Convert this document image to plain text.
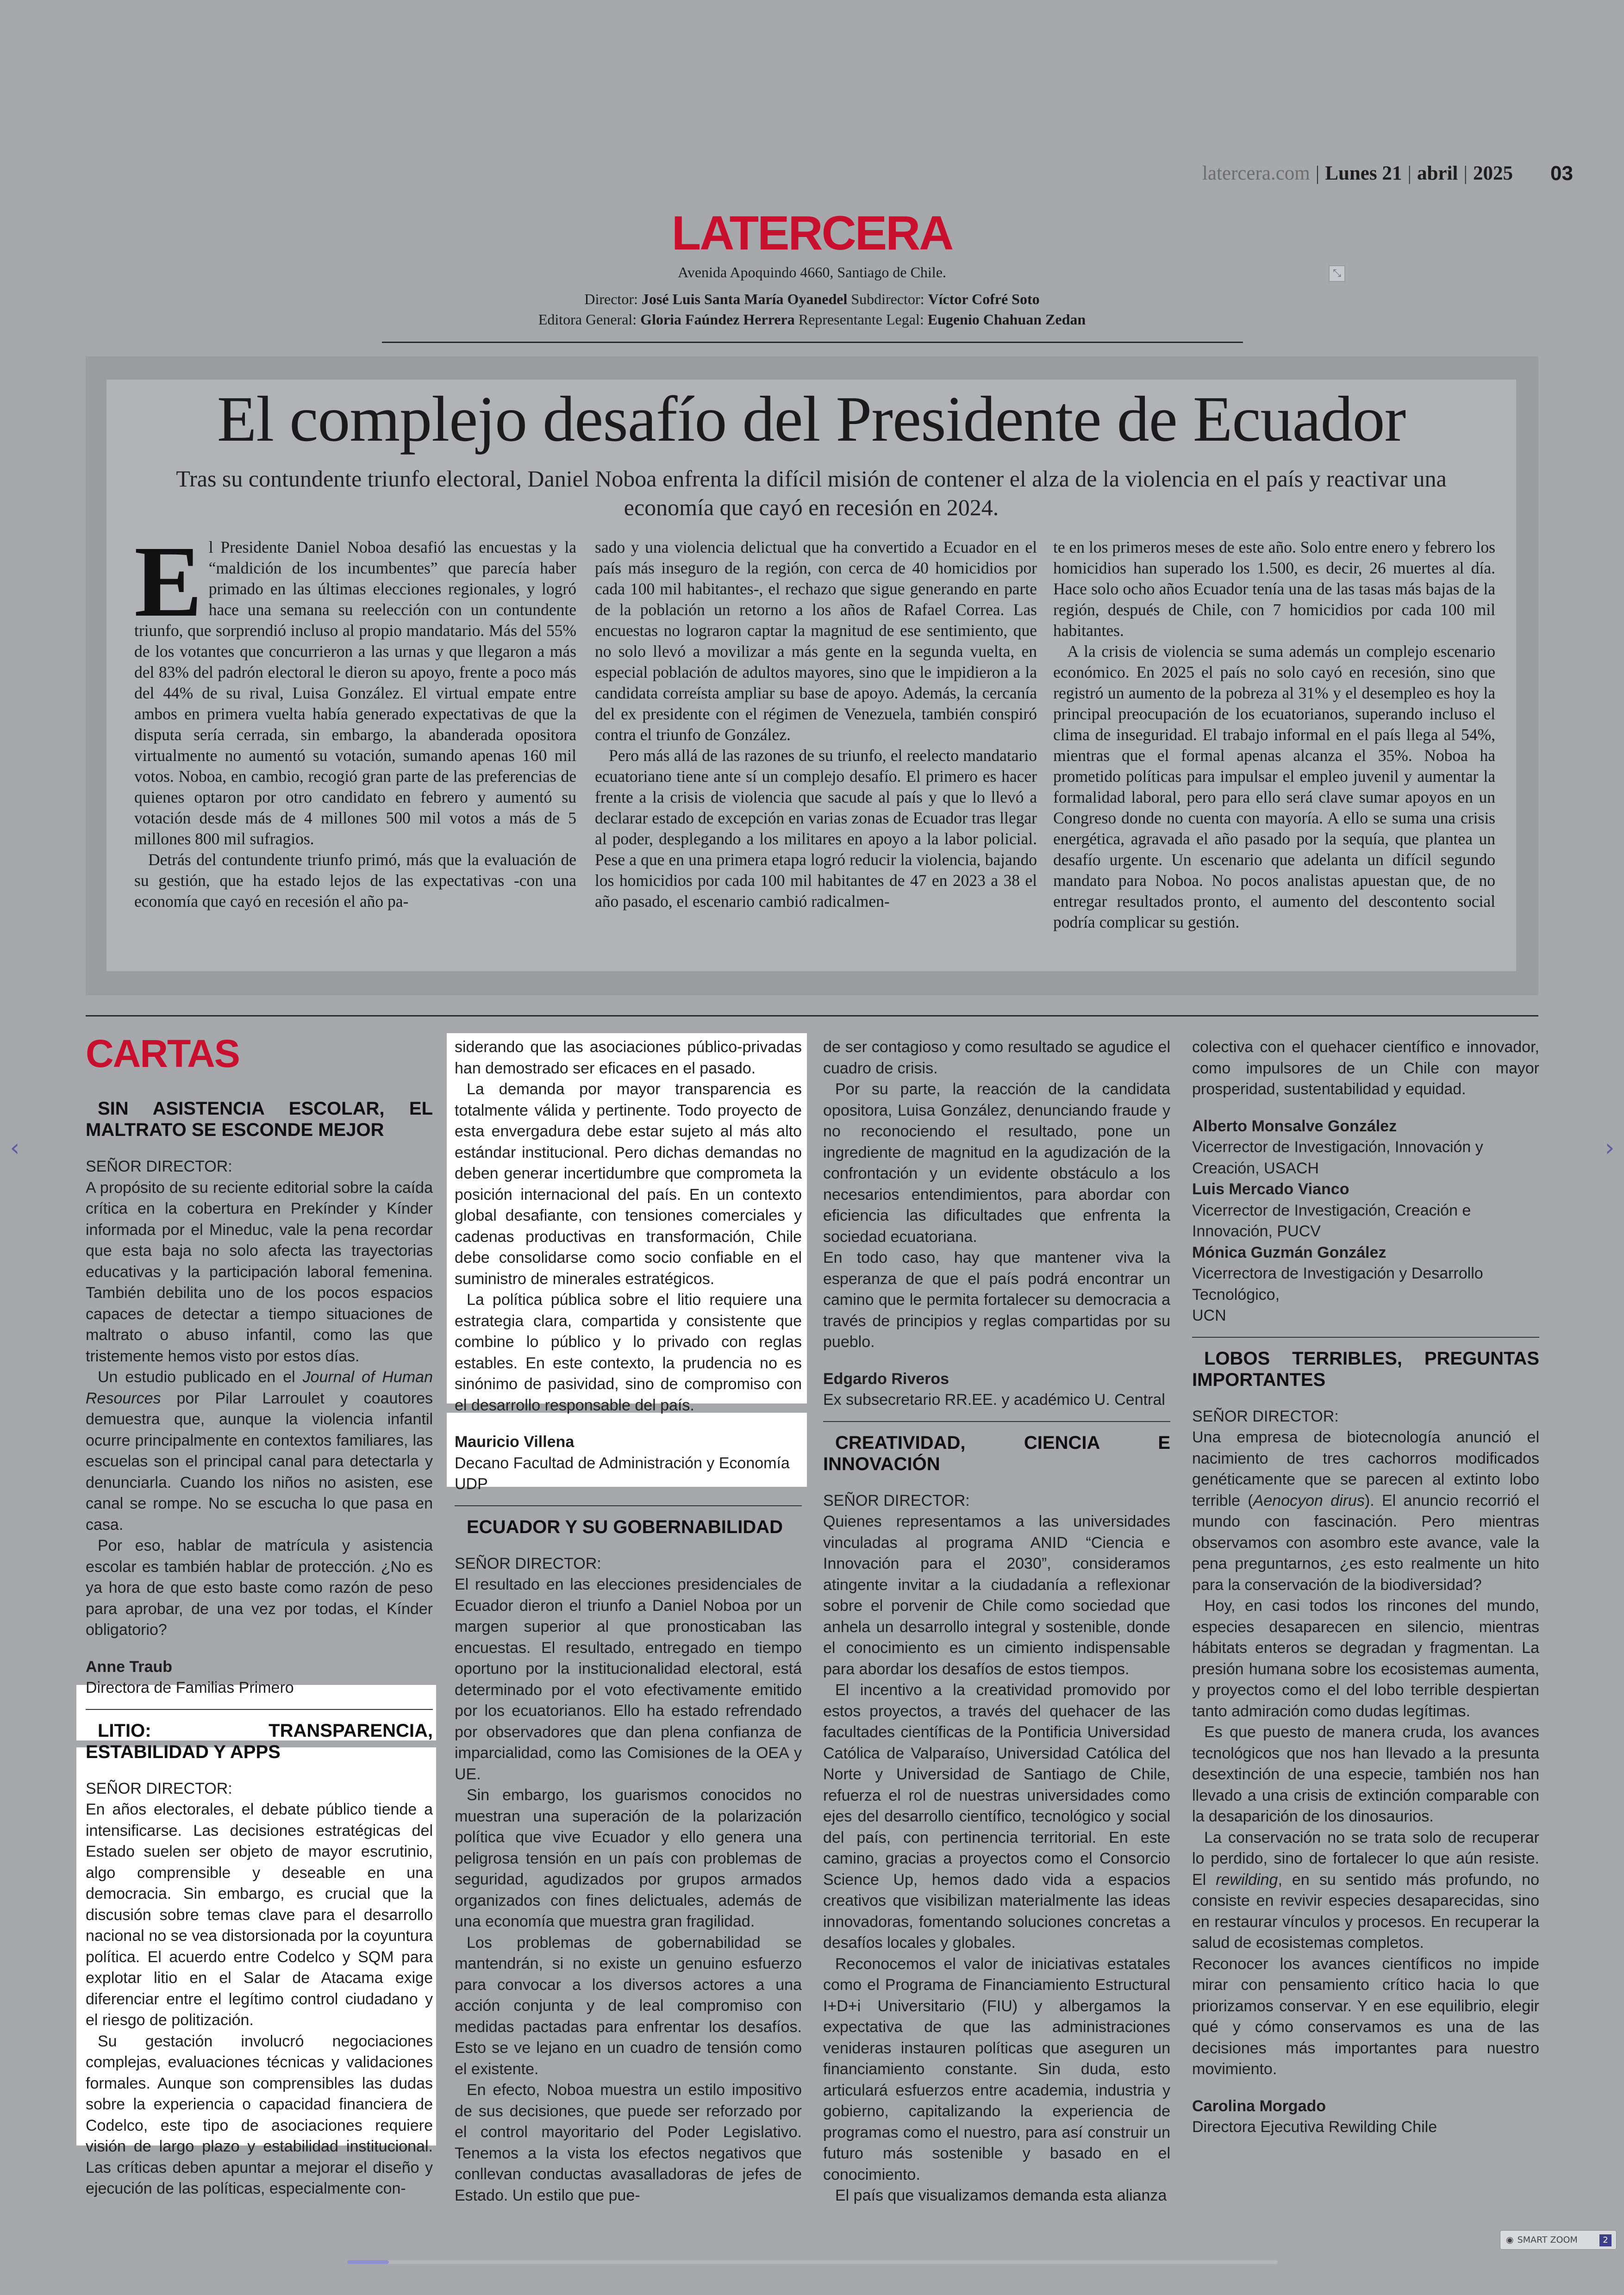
latercera.com | Lunes 21 | abril | 2025 03
LATERCERA
Avenida Apoquindo 4660, Santiago de Chile.
Director: José Luis Santa María Oyanedel Subdirector: Víctor Cofré Soto
Editora General: Gloria Faúndez Herrera Representante Legal: Eugenio Chahuan Zedan
⤡
El complejo desafío del Presidente de Ecuador
Tras su contundente triunfo electoral, Daniel Noboa enfrenta la difícil misión de contener el alza de la violencia en el país y reactivar una economía que cayó en recesión en 2024.
E l Presidente Daniel Noboa desafió las encuestas y la “maldición de los incumbentes” que parecía haber primado en las últimas elecciones regionales, y logró hace una semana su reelección con un contundente triunfo, que sorprendió incluso al propio mandatario. Más del 55% de los votantes que concurrieron a las urnas y que llegaron a más del 83% del padrón electoral le dieron su apoyo, frente a poco más del 44% de su rival, Luisa González. El virtual empate entre ambos en primera vuelta había generado expectativas de que la disputa sería cerrada, sin embargo, la abanderada opositora virtualmente no aumentó su votación, sumando apenas 160 mil votos. Noboa, en cambio, recogió gran parte de las preferencias de quienes optaron por otro candidato en febrero y aumentó su votación desde más de 4 millones 500 mil votos a más de 5 millones 800 mil sufragios.

Detrás del contundente triunfo primó, más que la evaluación de su gestión, que ha estado lejos de las expectativas -con una economía que cayó en recesión el año pa-

sado y una violencia delictual que ha convertido a Ecuador en el país más inseguro de la región, con cerca de 40 homicidios por cada 100 mil habitantes-, el rechazo que sigue generando en parte de la población un retorno a los años de Rafael Correa. Las encuestas no lograron captar la magnitud de ese sentimiento, que no solo llevó a movilizar a más gente en la segunda vuelta, en especial población de adultos mayores, sino que le impidieron a la candidata correísta ampliar su base de apoyo. Además, la cercanía del ex presidente con el régimen de Venezuela, también conspiró contra el triunfo de González.

Pero más allá de las razones de su triunfo, el reelecto mandatario ecuatoriano tiene ante sí un complejo desafío. El primero es hacer frente a la crisis de violencia que sacude al país y que lo llevó a declarar estado de excepción en varias zonas de Ecuador tras llegar al poder, desplegando a los militares en apoyo a la labor policial. Pese a que en una primera etapa logró reducir la violencia, bajando los homicidios por cada 100 mil habitantes de 47 en 2023 a 38 el año pasado, el escenario cambió radicalmen-

te en los primeros meses de este año. Solo entre enero y febrero los homicidios han superado los 1.500, es decir, 26 muertes al día. Hace solo ocho años Ecuador tenía una de las tasas más bajas de la región, después de Chile, con 7 homicidios por cada 100 mil habitantes.

A la crisis de violencia se suma además un complejo escenario económico. En 2025 el país no solo cayó en recesión, sino que registró un aumento de la pobreza al 31% y el desempleo es hoy la principal preocupación de los ecuatorianos, superando incluso el clima de inseguridad. El trabajo informal en el país llega al 54%, mientras que el formal apenas alcanza el 35%. Noboa ha prometido políticas para impulsar el empleo juvenil y aumentar la formalidad laboral, pero para ello será clave sumar apoyos en un Congreso donde no cuenta con mayoría. A ello se suma una crisis energética, agravada el año pasado por la sequía, que plantea un desafío urgente. Un escenario que adelanta un difícil segundo mandato para Noboa. No pocos analistas apuestan que, de no entregar resultados pronto, el aumento del descontento social podría complicar su gestión.

CARTAS

SIN ASISTENCIA ESCOLAR, EL MALTRATO SE ESCONDE MEJOR

SEÑOR DIRECTOR:

A propósito de su reciente editorial sobre la caída crítica en la cobertura en Prekínder y Kínder informada por el Mineduc, vale la pena recordar que esta baja no solo afecta las trayectorias educativas y la participación laboral femenina. También debilita uno de los pocos espacios capaces de detectar a tiempo situaciones de maltrato o abuso infantil, como las que tristemente hemos visto por estos días.

Un estudio publicado en el Journal of Human Resources por Pilar Larroulet y coautores demuestra que, aunque la violencia infantil ocurre principalmente en contextos familiares, las escuelas son el principal canal para detectarla y denunciarla. Cuando los niños no asisten, ese canal se rompe. No se escucha lo que pasa en casa.

Por eso, hablar de matrícula y asistencia escolar es también hablar de protección. ¿No es ya hora de que esto baste como razón de peso para aprobar, de una vez por todas, el Kínder obligatorio?

Anne Traub

Directora de Familias Primero

LITIO: TRANSPARENCIA, ESTABILIDAD Y APPS

SEÑOR DIRECTOR:

En años electorales, el debate público tiende a intensificarse. Las decisiones estratégicas del Estado suelen ser objeto de mayor escrutinio, algo comprensible y deseable en una democracia. Sin embargo, es crucial que la discusión sobre temas clave para el desarrollo nacional no se vea distorsionada por la coyuntura política. El acuerdo entre Codelco y SQM para explotar litio en el Salar de Atacama exige diferenciar entre el legítimo control ciudadano y el riesgo de politización.

Su gestación involucró negociaciones complejas, evaluaciones técnicas y validaciones formales. Aunque son comprensibles las dudas sobre la experiencia o capacidad financiera de Codelco, este tipo de asociaciones requiere visión de largo plazo y estabilidad institucional. Las críticas deben apuntar a mejorar el diseño y ejecución de las políticas, especialmente con-

siderando que las asociaciones público-privadas han demostrado ser eficaces en el pasado.

La demanda por mayor transparencia es totalmente válida y pertinente. Todo proyecto de esta envergadura debe estar sujeto al más alto estándar institucional. Pero dichas demandas no deben generar incertidumbre que comprometa la posición internacional del país. En un contexto global desafiante, con tensiones comerciales y cadenas productivas en transformación, Chile debe consolidarse como socio confiable en el suministro de minerales estratégicos.

La política pública sobre el litio requiere una estrategia clara, compartida y consistente que combine lo público y lo privado con reglas estables. En este contexto, la prudencia no es sinónimo de pasividad, sino de compromiso con el desarrollo responsable del país.

Mauricio Villena

Decano Facultad de Administración y Economía UDP

ECUADOR Y SU GOBERNABILIDAD

SEÑOR DIRECTOR:

El resultado en las elecciones presidenciales de Ecuador dieron el triunfo a Daniel Noboa por un margen superior al que pronosticaban las encuestas. El resultado, entregado en tiempo oportuno por la institucionalidad electoral, está determinado por el voto efectivamente emitido por los ecuatorianos. Ello ha estado refrendado por observadores que dan plena confianza de imparcialidad, como las Comisiones de la OEA y UE.

Sin embargo, los guarismos conocidos no muestran una superación de la polarización política que vive Ecuador y ello genera una peligrosa tensión en un país con problemas de seguridad, agudizados por grupos armados organizados con fines delictuales, además de una economía que muestra gran fragilidad.

Los problemas de gobernabilidad se mantendrán, si no existe un genuino esfuerzo para convocar a los diversos actores a una acción conjunta y de leal compromiso con medidas pactadas para enfrentar los desafíos. Esto se ve lejano en un cuadro de tensión como el existente.

En efecto, Noboa muestra un estilo impositivo de sus decisiones, que puede ser reforzado por el control mayoritario del Poder Legislativo. Tenemos a la vista los efectos negativos que conllevan conductas avasalladoras de jefes de Estado. Un estilo que pue-

de ser contagioso y como resultado se agudice el cuadro de crisis.

Por su parte, la reacción de la candidata opositora, Luisa González, denunciando fraude y no reconociendo el resultado, pone un ingrediente de magnitud en la agudización de la confrontación y un evidente obstáculo a los necesarios entendimientos, para abordar con eficiencia las dificultades que enfrenta la sociedad ecuatoriana.

En todo caso, hay que mantener viva la esperanza de que el país podrá encontrar un camino que le permita fortalecer su democracia a través de principios y reglas compartidas por su pueblo.

Edgardo Riveros

Ex subsecretario RR.EE. y académico U. Central

CREATIVIDAD, CIENCIA E INNOVACIÓN

SEÑOR DIRECTOR:

Quienes representamos a las universidades vinculadas al programa ANID “Ciencia e Innovación para el 2030”, consideramos atingente invitar a la ciudadanía a reflexionar sobre el porvenir de Chile como sociedad que anhela un desarrollo integral y sostenible, donde el conocimiento es un cimiento indispensable para abordar los desafíos de estos tiempos.

El incentivo a la creatividad promovido por estos proyectos, a través del quehacer de las facultades científicas de la Pontificia Universidad Católica de Valparaíso, Universidad Católica del Norte y Universidad de Santiago de Chile, refuerza el rol de nuestras universidades como ejes del desarrollo científico, tecnológico y social del país, con pertinencia territorial. En este camino, gracias a proyectos como el Consorcio Science Up, hemos dado vida a espacios creativos que visibilizan materialmente las ideas innovadoras, fomentando soluciones concretas a desafíos locales y globales.

Reconocemos el valor de iniciativas estatales como el Programa de Financiamiento Estructural I+D+i Universitario (FIU) y albergamos la expectativa de que las administraciones venideras instauren políticas que aseguren un financiamiento constante. Sin duda, esto articulará esfuerzos entre academia, industria y gobierno, capitalizando la experiencia de programas como el nuestro, para así construir un futuro más sostenible y basado en el conocimiento.

El país que visualizamos demanda esta alianza

colectiva con el quehacer científico e innovador, como impulsores de un Chile con mayor prosperidad, sustentabilidad y equidad.

Alberto Monsalve González

Vicerrector de Investigación, Innovación y Creación, USACH

Luis Mercado Vianco

Vicerrector de Investigación, Creación e Innovación, PUCV

Mónica Guzmán González

Vicerrectora de Investigación y Desarrollo Tecnológico,

UCN

LOBOS TERRIBLES, PREGUNTAS IMPORTANTES

SEÑOR DIRECTOR:

Una empresa de biotecnología anunció el nacimiento de tres cachorros modificados genéticamente que se parecen al extinto lobo terrible (Aenocyon dirus). El anuncio recorrió el mundo con fascinación. Pero mientras observamos con asombro este avance, vale la pena preguntarnos, ¿es esto realmente un hito para la conservación de la biodiversidad?

Hoy, en casi todos los rincones del mundo, especies desaparecen en silencio, mientras hábitats enteros se degradan y fragmentan. La presión humana sobre los ecosistemas aumenta, y proyectos como el del lobo terrible despiertan tanto admiración como dudas legítimas.

Es que puesto de manera cruda, los avances tecnológicos que nos han llevado a la presunta desextinción de una especie, también nos han llevado a una crisis de extinción comparable con la desaparición de los dinosaurios.

La conservación no se trata solo de recuperar lo perdido, sino de fortalecer lo que aún resiste. El rewilding, en su sentido más profundo, no consiste en revivir especies desaparecidas, sino en restaurar vínculos y procesos. En recuperar la salud de ecosistemas completos.

Reconocer los avances científicos no impide mirar con pensamiento crítico hacia lo que priorizamos conservar. Y en ese equilibrio, elegir qué y cómo conservamos es una de las decisiones más importantes para nuestro movimiento.

Carolina Morgado

Directora Ejecutiva Rewilding Chile

‹	›
◉ SMART ZOOM	2
